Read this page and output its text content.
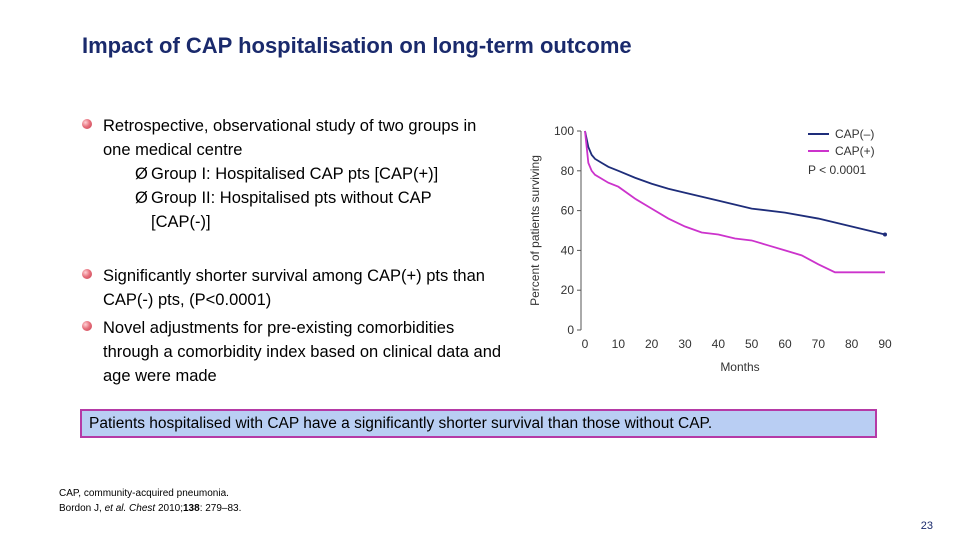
Impact of CAP hospitalisation on long-term outcome
Retrospective, observational study of two groups in one medical centre
Ø Group I: Hospitalised CAP pts [CAP(+)]
Ø Group II: Hospitalised pts without CAP
[CAP(-)]
Significantly shorter survival among CAP(+) pts than CAP(-) pts, (P<0.0001)
Novel adjustments for pre-existing comorbidities through a comorbidity index based on clinical data and age were made
0
20
40
60
80
100
0 10 20 30 40 50 60 70 80 90
Percent of patients surviving
Months
CAP(–)
CAP(+)
P < 0.0001
Patients hospitalised with CAP have a significantly shorter survival than those without CAP.
CAP, community-acquired pneumonia.
Bordon J, et al. Chest 2010;138: 279–83.
23
